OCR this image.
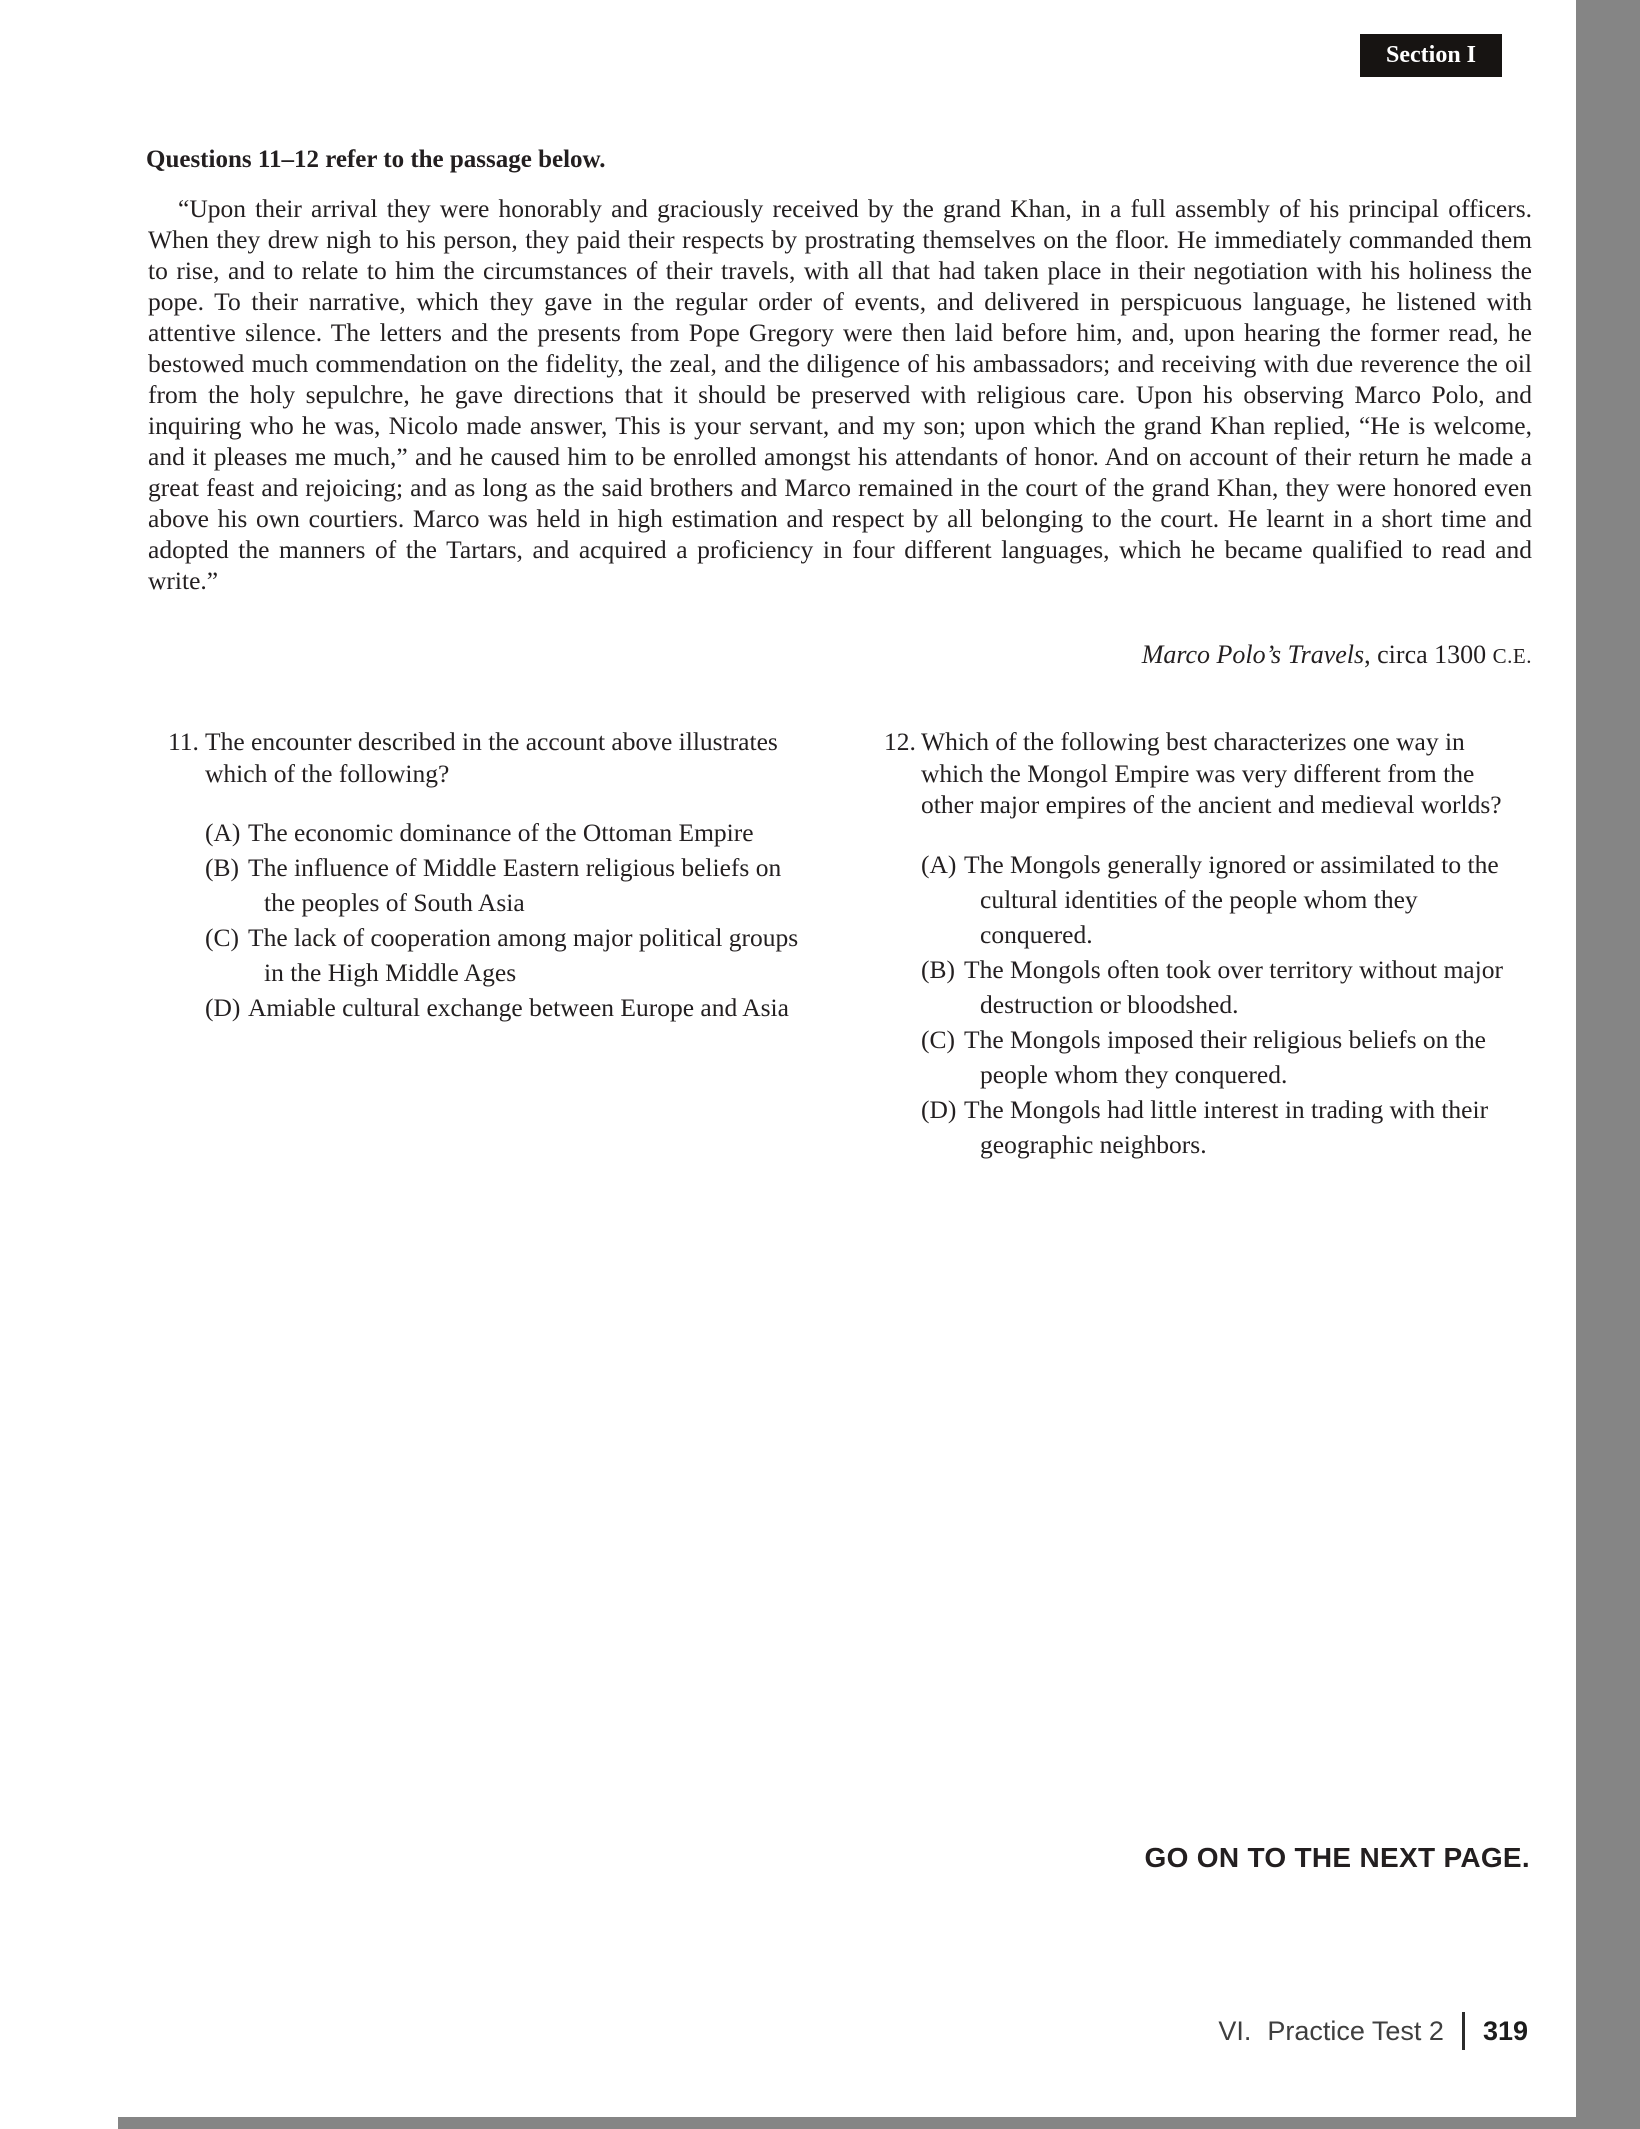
Section I
Questions 11–12 refer to the passage below.

“Upon their arrival they were honorably and graciously received by the grand Khan, in a full assembly of his principal officers. When they drew nigh to his person, they paid their respects by prostrating themselves on the floor. He immediately commanded them to rise, and to relate to him the circumstances of their travels, with all that had taken place in their negotiation with his holiness the pope. To their narrative, which they gave in the regular order of events, and delivered in perspicuous language, he listened with attentive silence. The letters and the presents from Pope Gregory were then laid before him, and, upon hearing the former read, he bestowed much commendation on the fidelity, the zeal, and the diligence of his ambassadors; and receiving with due reverence the oil from the holy sepulchre, he gave directions that it should be preserved with religious care. Upon his observing Marco Polo, and inquiring who he was, Nicolo made answer, This is your servant, and my son; upon which the grand Khan replied, “He is welcome, and it pleases me much,” and he caused him to be enrolled amongst his attendants of honor. And on account of their return he made a great feast and rejoicing; and as long as the said brothers and Marco remained in the court of the grand Khan, they were honored even above his own courtiers. Marco was held in high estimation and respect by all belonging to the court. He learnt in a short time and adopted the manners of the Tartars, and acquired a proficiency in four different languages, which he became qualified to read and write.”

Marco Polo’s Travels, circa 1300 C.E.

11. The encounter described in the account above illustrates which of the following?
(A) The economic dominance of the Ottoman Empire
(B) The influence of Middle Eastern religious beliefs on the peoples of South Asia
(C) The lack of cooperation among major political groups in the High Middle Ages
(D) Amiable cultural exchange between Europe and Asia
12. Which of the following best characterizes one way in which the Mongol Empire was very different from the other major empires of the ancient and medieval worlds?
(A) The Mongols generally ignored or assimilated to the cultural identities of the people whom they conquered.
(B) The Mongols often took over territory without major destruction or bloodshed.
(C) The Mongols imposed their religious beliefs on the people whom they conquered.
(D) The Mongols had little interest in trading with their geographic neighbors.
GO ON TO THE NEXT PAGE.
VI. Practice Test 2 319
